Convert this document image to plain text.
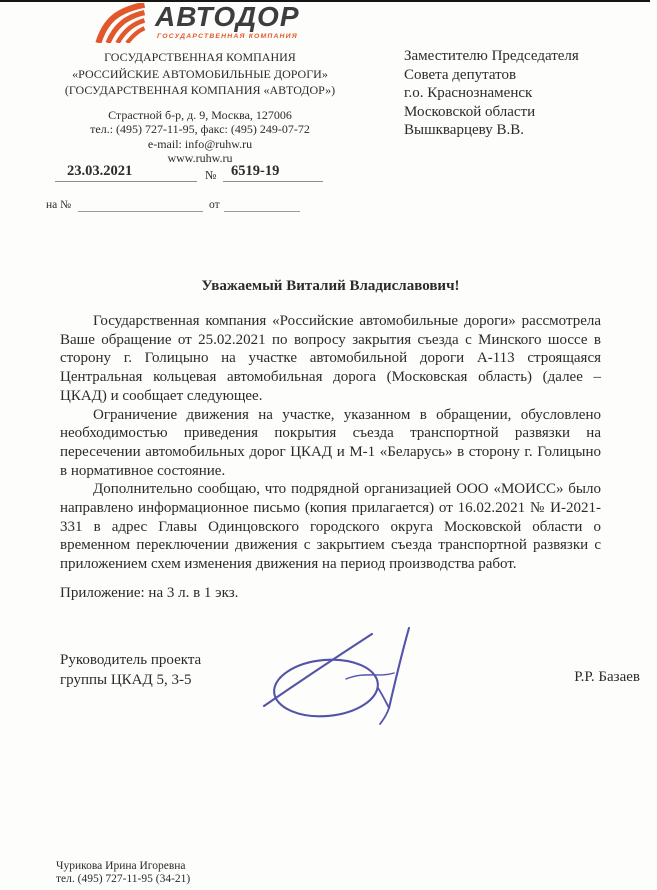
АВТОДОР
ГОСУДАРСТВЕННАЯ КОМПАНИЯ
ГОСУДАРСТВЕННАЯ КОМПАНИЯ
«РОССИЙСКИЕ АВТОМОБИЛЬНЫЕ ДОРОГИ»
(ГОСУДАРСТВЕННАЯ КОМПАНИЯ «АВТОДОР»)
Страстной б-р, д. 9, Москва, 127006
тел.: (495) 727-11-95, факс: (495) 249-07-72
e-mail: info@ruhw.ru
www.ruhw.ru
23.03.2021	№	6519-19
на №	от
Заместителю Председателя
Совета депутатов
г.о. Краснознаменск
Московской области
Вышкварцеву В.В.
Уважаемый Виталий Владиславович!

Государственная компания «Российские автомобильные дороги» рассмотрела Ваше обращение от 25.02.2021 по вопросу закрытия съезда с Минского шоссе в сторону г. Голицыно на участке автомобильной дороги А-113 строящаяся Центральная кольцевая автомобильная дорога (Московская область) (далее – ЦКАД) и сообщает следующее.

Ограничение движения на участке, указанном в обращении, обусловлено необходимостью приведения покрытия съезда транспортной развязки на пересечении автомобильных дорог ЦКАД и М-1 «Беларусь» в сторону г. Голицыно в нормативное состояние.

Дополнительно сообщаю, что подрядной организацией ООО «МОИСС» было направлено информационное письмо (копия прилагается) от 16.02.2021 № И-2021-331 в адрес Главы Одинцовского городского округа Московской области о временном переключении движения с закрытием съезда транспортной развязки с приложением схем изменения движения на период производства работ.

Приложение: на 3 л. в 1 экз.
Руководитель проекта
группы ЦКАД 5, 3-5	Р.Р. Базаев
Чурикова Ирина Игоревна
тел. (495) 727-11-95 (34-21)
